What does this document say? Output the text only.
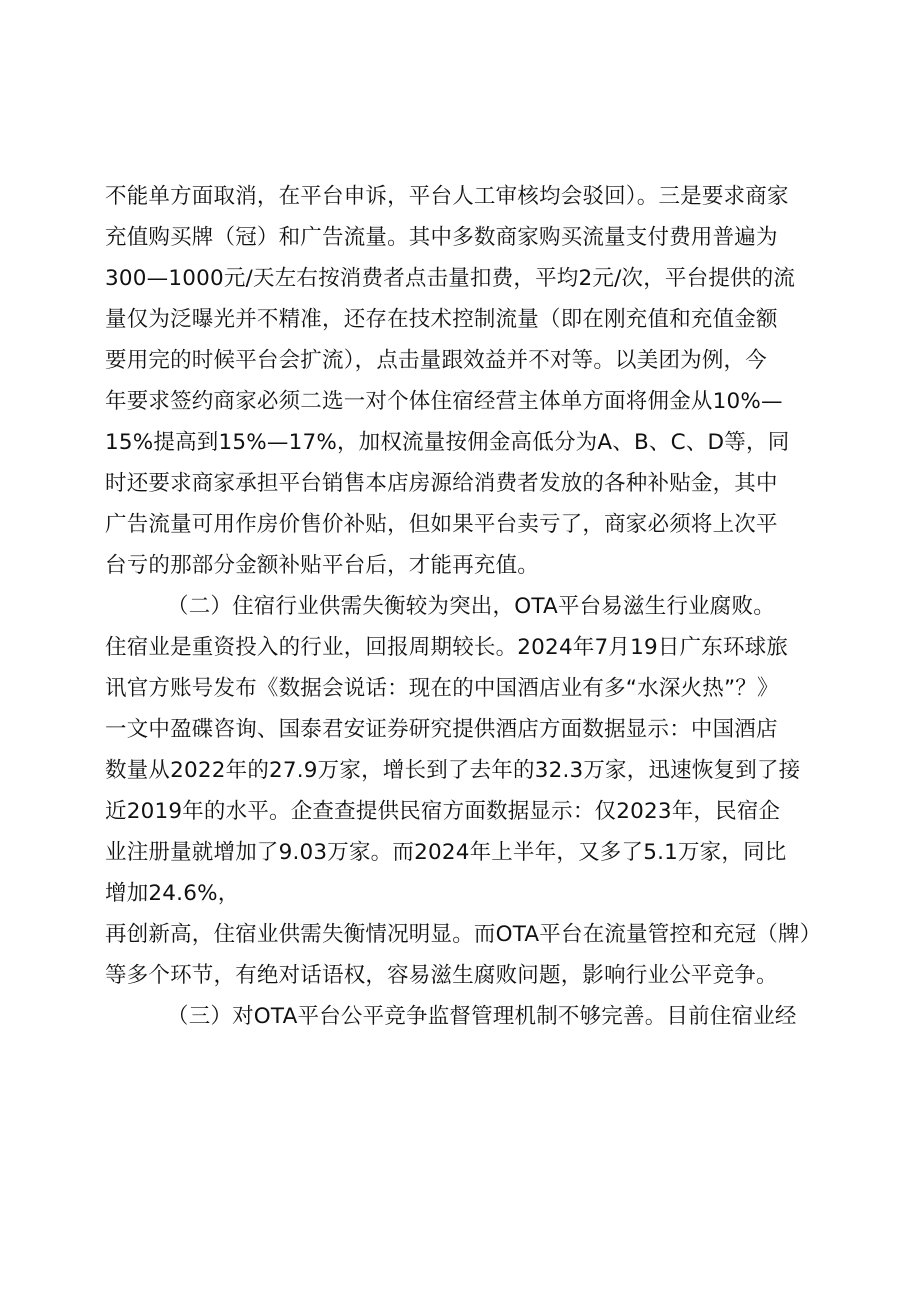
不能单方面取消，在平台申诉，平台人工审核均会驳回）。三是要求商家
充值购买牌（冠）和广告流量。其中多数商家购买流量支付费用普遍为
300—1000元/天左右按消费者点击量扣费，平均2元/次，平台提供的流
量仅为泛曝光并不精准，还存在技术控制流量（即在刚充值和充值金额
要用完的时候平台会扩流），点击量跟效益并不对等。以美团为例，今
年要求签约商家必须二选一对个体住宿经营主体单方面将佣金从10%—
15%提高到15%—17%，加权流量按佣金高低分为A、B、C、D等，同
时还要求商家承担平台销售本店房源给消费者发放的各种补贴金，其中
广告流量可用作房价售价补贴，但如果平台卖亏了，商家必须将上次平
台亏的那部分金额补贴平台后，才能再充值。
（二）住宿行业供需失衡较为突出，OTA平台易滋生行业腐败。
住宿业是重资投入的行业，回报周期较长。2024年7月19日广东环球旅
讯官方账号发布《数据会说话：现在的中国酒店业有多“水深火热”？》
一文中盈碟咨询、国泰君安证券研究提供酒店方面数据显示：中国酒店
数量从2022年的27.9万家，增长到了去年的32.3万家，迅速恢复到了接
近2019年的水平。企查查提供民宿方面数据显示：仅2023年，民宿企
业注册量就增加了9.03万家。而2024年上半年，又多了5.1万家，同比
增加24.6%，
再创新高，住宿业供需失衡情况明显。而OTA平台在流量管控和充冠（牌）
等多个环节，有绝对话语权，容易滋生腐败问题，影响行业公平竞争。
（三）对OTA平台公平竞争监督管理机制不够完善。目前住宿业经
